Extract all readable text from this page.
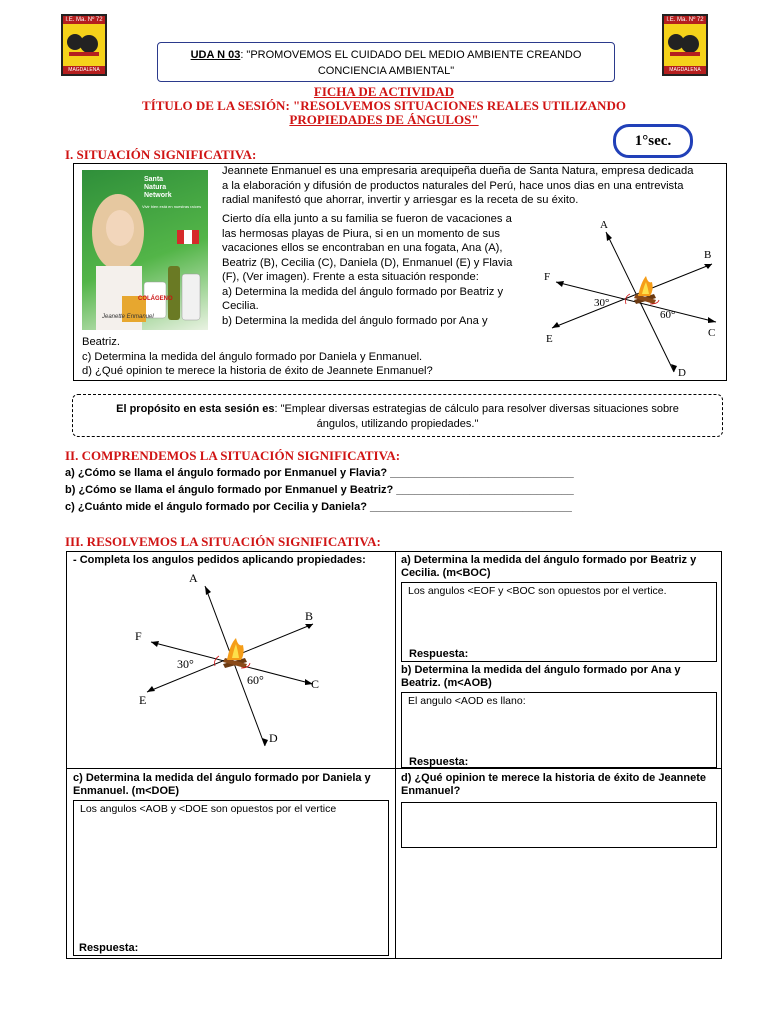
I.E. Ma. Nº 72
MAGDALENA
I.E. Ma. Nº 72
MAGDALENA
UDA N 03: "PROMOVEMOS EL CUIDADO DEL MEDIO AMBIENTE CREANDO
CONCIENCIA AMBIENTAL"
FICHA DE ACTIVIDAD
TÍTULO DE LA SESIÓN: "RESOLVEMOS SITUACIONES REALES UTILIZANDO
PROPIEDADES DE ÁNGULOS"
1°sec.
I. SITUACIÓN SIGNIFICATIVA:
Santa
Natura
Network
Vivir bien está en nuestras raíces
COLÁGENO
Jeanette Enmanuel
Jeannete Enmanuel es una empresaria arequipeña dueña de Santa Natura, empresa dedicada
a la elaboración y difusión de productos naturales del Perú, hace unos dias en una entrevista
radial manifestó que ahorrar, invertir y arriesgar es la receta de su éxito.
Cierto día ella junto a su familia se fueron de vacaciones a
las hermosas playas de Piura, si en un momento de sus
vacaciones ellos se encontraban en una fogata, Ana (A),
Beatriz (B), Cecilia (C), Daniela (D), Enmanuel (E) y Flavia
(F), (Ver imagen). Frente a esta situación responde:
a) Determina la medida del ángulo formado por Beatriz y
Cecilia.
b) Determina la medida del ángulo formado por Ana y
Beatriz.
c) Determina la medida del ángulo formado por Daniela y Enmanuel.
d) ¿Qué opinion te merece la historia de éxito de Jeannete Enmanuel?
A
B
C
D
E
F
30°
60°
El propósito en esta sesión es: "Emplear diversas estrategias de cálculo para resolver diversas situaciones sobre
ángulos, utilizando propiedades."
II. COMPRENDEMOS LA SITUACIÓN SIGNIFICATIVA:
a) ¿Cómo se llama el ángulo formado por Enmanuel y Flavia? ______________________________
b) ¿Cómo se llama el ángulo formado por Enmanuel y Beatriz? _____________________________
c) ¿Cuánto mide el ángulo formado por Cecilia y Daniela? _________________________________
III. RESOLVEMOS LA SITUACIÓN SIGNIFICATIVA:
- Completa los angulos pedidos aplicando propiedades:
A
B
C
D
E
F
30°
60°
a) Determina la medida del ángulo formado por Beatriz y
Cecilia. (m<BOC)
Los angulos <EOF y <BOC son opuestos por el vertice.
Respuesta:
b) Determina la medida del ángulo formado por Ana y
Beatriz. (m<AOB)
El angulo <AOD es llano:
Respuesta:
c) Determina la medida del ángulo formado por Daniela y
Enmanuel. (m<DOE)
Los angulos <AOB y <DOE son opuestos por el vertice
Respuesta:
d) ¿Qué opinion te merece la historia de éxito de Jeannete
Enmanuel?
